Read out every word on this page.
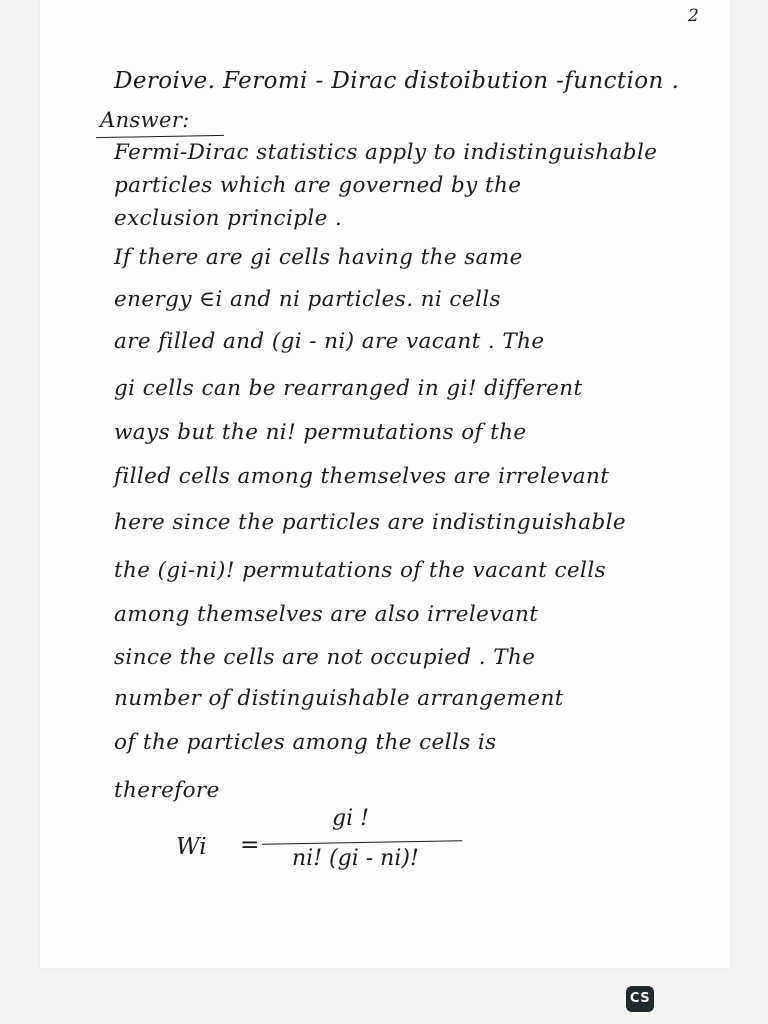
2
Deroive. Feromi - Dirac distoibution -function .
Answer:
Fermi-Dirac statistics apply to indistinguishable
particles which are governed by the
exclusion principle .
If there are gi cells having the same
energy ∈i and ni particles. ni cells
are filled and (gi - ni) are vacant . The
gi cells can be rearranged in gi! different
ways but the ni! permutations of the
filled cells among themselves are irrelevant
here since the particles are indistinguishable
the (gi-ni)! permutations of the vacant cells
among themselves are also irrelevant
since the cells are not occupied . The
number of distinguishable arrangement
of the particles among the cells is
therefore
Wi =
gi !
ni! (gi - ni)!
CS
